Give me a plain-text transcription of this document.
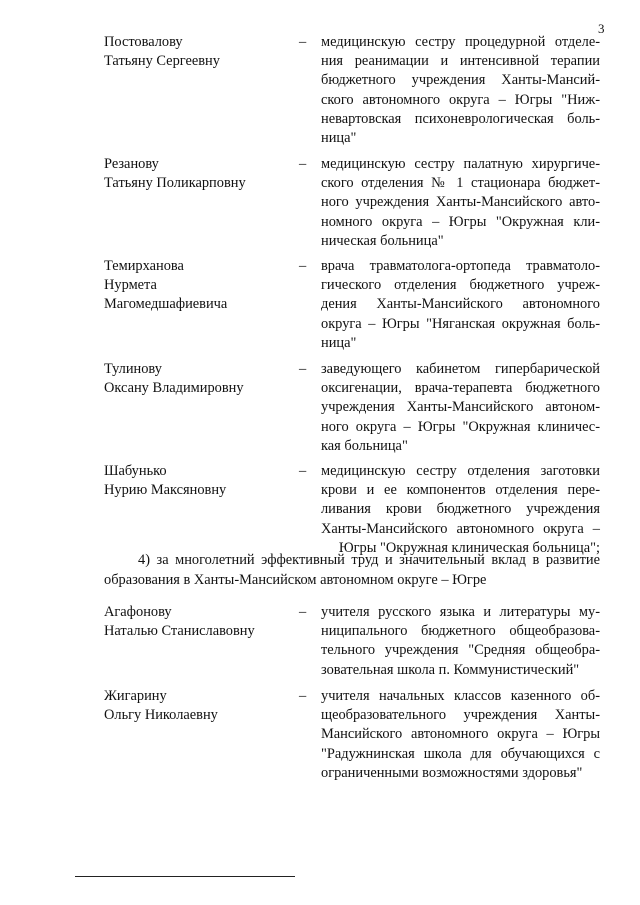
3
Постовалову
Татьяну Сергеевну
– медицинскую сестру процедурной отделе-
ния реанимации и интенсивной терапии
бюджетного учреждения Ханты-Мансий-
ского автономного округа – Югры "Ниж-
невартовская психоневрологическая боль-
ница"
Резанову
Татьяну Поликарповну
– медицинскую сестру палатную хирургиче-
ского отделения № 1 стационара бюджет-
ного учреждения Ханты-Мансийского авто-
номного округа – Югры "Окружная кли-
ническая больница"
Темирханова
Нурмета
Магомедшафиевича
– врача травматолога-ортопеда травматоло-
гического отделения бюджетного учреж-
дения Ханты-Мансийского автономного
округа – Югры "Няганская окружная боль-
ница"
Тулинову
Оксану Владимировну
– заведующего кабинетом гипербарической
оксигенации, врача-терапевта бюджетного
учреждения Ханты-Мансийского автоном-
ного округа – Югры "Окружная клиничес-
кая больница"
Шабунько
Нурию Максяновну
– медицинскую сестру отделения заготовки
крови и ее компонентов отделения пере-
ливания крови бюджетного учреждения
Ханты-Мансийского автономного округа –
Югры "Окружная клиническая больница";
4) за многолетний эффективный труд и значительный вклад в развитие
образования в Ханты-Мансийском автономном округе – Югре
Агафонову
Наталью Станиславовну
– учителя русского языка и литературы му-
ниципального бюджетного общеобразова-
тельного учреждения "Средняя общеобра-
зовательная школа п. Коммунистический"
Жигарину
Ольгу Николаевну
– учителя начальных классов казенного об-
щеобразовательного учреждения Ханты-
Мансийского автономного округа – Югры
"Радужнинская школа для обучающихся с
ограниченными возможностями здоровья"
